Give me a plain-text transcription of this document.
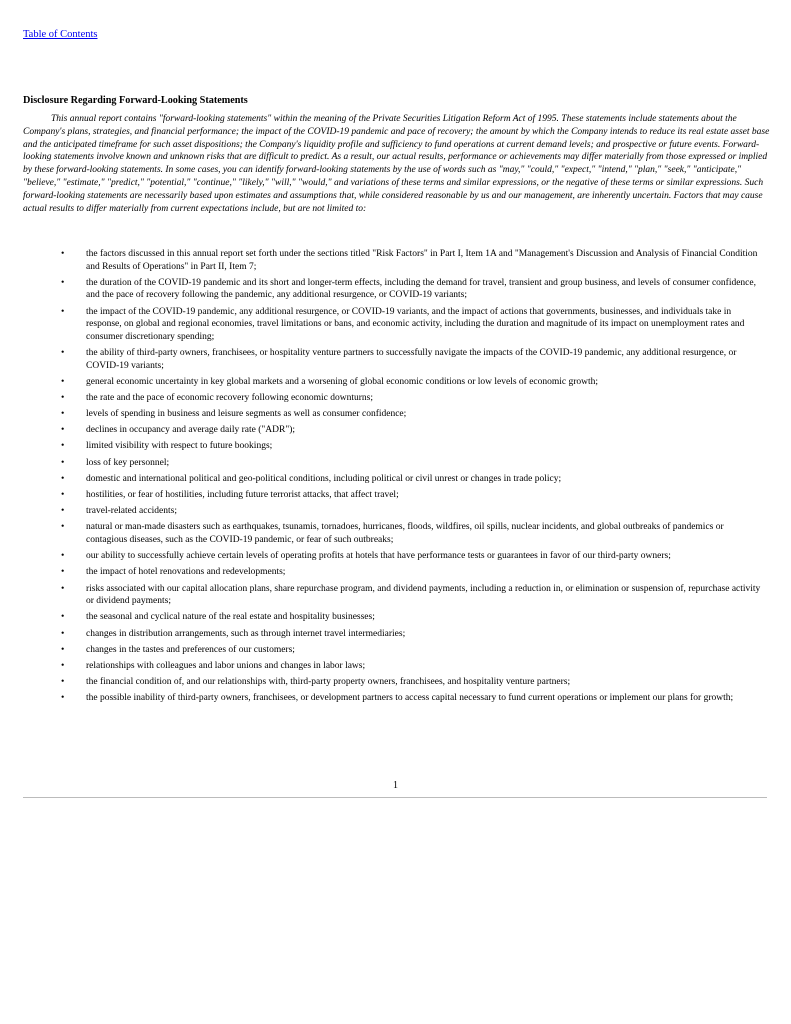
Table of Contents
Disclosure Regarding Forward-Looking Statements

This annual report contains "forward-looking statements" within the meaning of the Private Securities Litigation Reform Act of 1995. These statements include statements about the Company's plans, strategies, and financial performance; the impact of the COVID-19 pandemic and pace of recovery; the amount by which the Company intends to reduce its real estate asset base and the anticipated timeframe for such asset dispositions; the Company's liquidity profile and sufficiency to fund operations at current demand levels; and prospective or future events. Forward-looking statements involve known and unknown risks that are difficult to predict. As a result, our actual results, performance or achievements may differ materially from those expressed or implied by these forward-looking statements. In some cases, you can identify forward-looking statements by the use of words such as "may," "could," "expect," "intend," "plan," "seek," "anticipate," "believe," "estimate," "predict," "potential," "continue," "likely," "will," "would," and variations of these terms and similar expressions, or the negative of these terms or similar expressions. Such forward-looking statements are necessarily based upon estimates and assumptions that, while considered reasonable by us and our management, are inherently uncertain. Factors that may cause actual results to differ materially from current expectations include, but are not limited to:

• the factors discussed in this annual report set forth under the sections titled "Risk Factors" in Part I, Item 1A and "Management's Discussion and Analysis of Financial Condition and Results of Operations" in Part II, Item 7;
• the duration of the COVID-19 pandemic and its short and longer-term effects, including the demand for travel, transient and group business, and levels of consumer confidence, and the pace of recovery following the pandemic, any additional resurgence, or COVID-19 variants;
• the impact of the COVID-19 pandemic, any additional resurgence, or COVID-19 variants, and the impact of actions that governments, businesses, and individuals take in response, on global and regional economies, travel limitations or bans, and economic activity, including the duration and magnitude of its impact on unemployment rates and consumer discretionary spending;
• the ability of third-party owners, franchisees, or hospitality venture partners to successfully navigate the impacts of the COVID-19 pandemic, any additional resurgence, or COVID-19 variants;
• general economic uncertainty in key global markets and a worsening of global economic conditions or low levels of economic growth;
• the rate and the pace of economic recovery following economic downturns;
• levels of spending in business and leisure segments as well as consumer confidence;
• declines in occupancy and average daily rate ("ADR");
• limited visibility with respect to future bookings;
• loss of key personnel;
• domestic and international political and geo-political conditions, including political or civil unrest or changes in trade policy;
• hostilities, or fear of hostilities, including future terrorist attacks, that affect travel;
• travel-related accidents;
• natural or man-made disasters such as earthquakes, tsunamis, tornadoes, hurricanes, floods, wildfires, oil spills, nuclear incidents, and global outbreaks of pandemics or contagious diseases, such as the COVID-19 pandemic, or fear of such outbreaks;
• our ability to successfully achieve certain levels of operating profits at hotels that have performance tests or guarantees in favor of our third-party owners;
• the impact of hotel renovations and redevelopments;
• risks associated with our capital allocation plans, share repurchase program, and dividend payments, including a reduction in, or elimination or suspension of, repurchase activity or dividend payments;
• the seasonal and cyclical nature of the real estate and hospitality businesses;
• changes in distribution arrangements, such as through internet travel intermediaries;
• changes in the tastes and preferences of our customers;
• relationships with colleagues and labor unions and changes in labor laws;
• the financial condition of, and our relationships with, third-party property owners, franchisees, and hospitality venture partners;
• the possible inability of third-party owners, franchisees, or development partners to access capital necessary to fund current operations or implement our plans for growth;
1
